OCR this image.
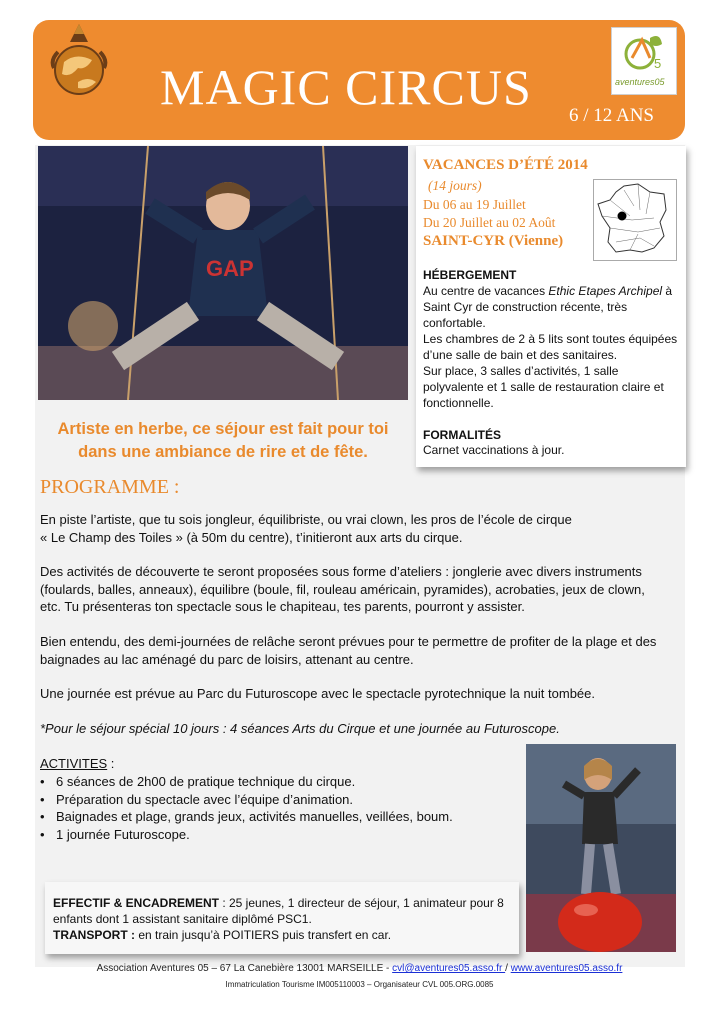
MAGIC CIRCUS
6 / 12 ANS
5
aventures05
GAP
Artiste en herbe, ce séjour est fait pour toi
dans une ambiance de rire et de fête.
VACANCES D’ÉTÉ 2014
(14 jours)
Du 06 au 19 Juillet
Du 20 Juillet au 02 Août
SAINT-CYR (Vienne)
HÉBERGEMENT
Au centre de vacances Ethic Etapes Archipel à Saint Cyr de construction récente, très confortable.
Les chambres de 2 à 5 lits sont toutes équipées d’une salle de bain et des sanitaires.
Sur place, 3 salles d’activités, 1 salle polyvalente et 1 salle de restauration claire et fonctionnelle.
FORMALITÉS
Carnet vaccinations à jour.
PROGRAMME :
En piste l’artiste, que tu sois jongleur, équilibriste, ou vrai clown, les pros de l’école de cirque
« Le Champ des Toiles » (à 50m du centre), t’initieront aux arts du cirque.
Des activités de découverte te seront proposées sous forme d’ateliers : jonglerie avec divers instruments
(foulards, balles, anneaux), équilibre (boule, fil, rouleau américain, pyramides), acrobaties, jeux de clown,
etc. Tu présenteras ton spectacle sous le chapiteau, tes parents, pourront y assister.
Bien entendu, des demi-journées de relâche seront prévues pour te permettre de profiter de la plage et des
baignades au lac aménagé du parc de loisirs, attenant au centre.
Une journée est prévue au Parc du Futuroscope avec le spectacle pyrotechnique la nuit tombée.
*Pour le séjour spécial 10 jours : 4 séances Arts du Cirque et une journée au Futuroscope.
ACTIVITES :
• 6 séances de 2h00 de pratique technique du cirque.
• Préparation du spectacle avec l’équipe d’animation.
• Baignades et plage, grands jeux, activités manuelles, veillées, boum.
• 1 journée Futuroscope.
EFFECTIF & ENCADREMENT : 25 jeunes, 1 directeur de séjour, 1 animateur pour 8
enfants dont 1 assistant sanitaire diplômé PSC1.
TRANSPORT : en train jusqu’à POITIERS puis transfert en car.
Association Aventures 05 – 67 La Canebière 13001 MARSEILLE - cvl@aventures05.asso.fr / www.aventures05.asso.fr
Immatriculation Tourisme IM005110003 – Organisateur CVL 005.ORG.0085
